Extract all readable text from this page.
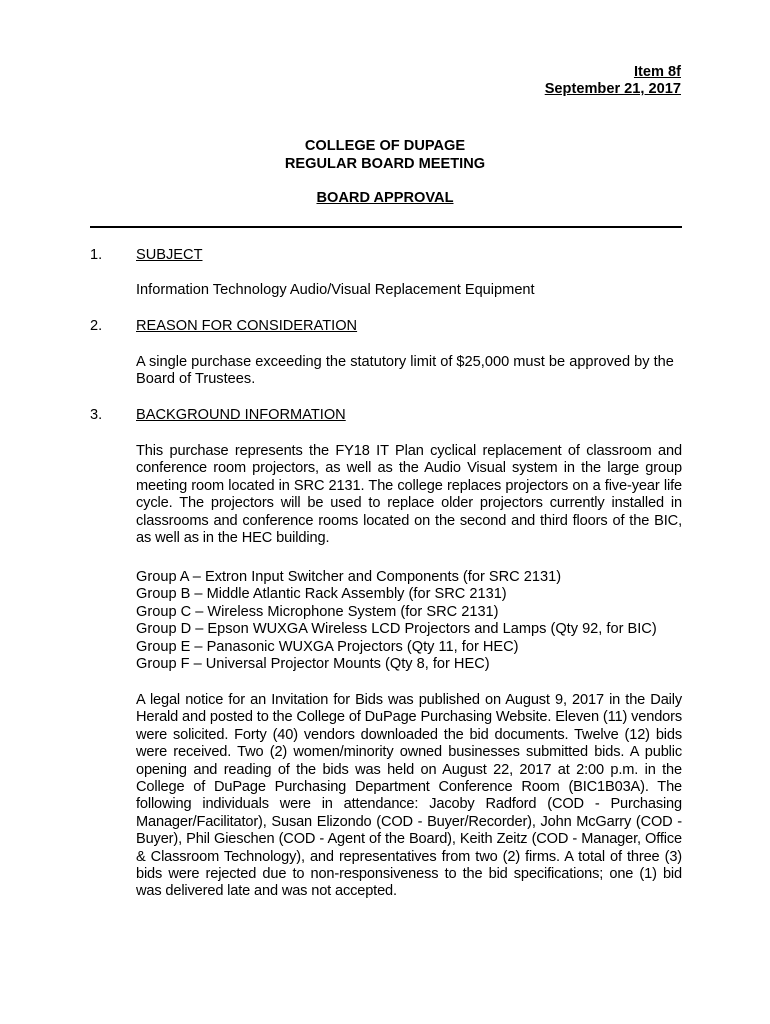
Item 8f
September 21, 2017
COLLEGE OF DUPAGE
REGULAR BOARD MEETING
BOARD APPROVAL
1. SUBJECT
Information Technology Audio/Visual Replacement Equipment
2. REASON FOR CONSIDERATION
A single purchase exceeding the statutory limit of $25,000 must be approved by the Board of Trustees.
3. BACKGROUND INFORMATION
This purchase represents the FY18 IT Plan cyclical replacement of classroom and conference room projectors, as well as the Audio Visual system in the large group meeting room located in SRC 2131. The college replaces projectors on a five-year life cycle. The projectors will be used to replace older projectors currently installed in classrooms and conference rooms located on the second and third floors of the BIC, as well as in the HEC building.
Group A – Extron Input Switcher and Components (for SRC 2131)
Group B – Middle Atlantic Rack Assembly (for SRC 2131)
Group C – Wireless Microphone System (for SRC 2131)
Group D – Epson WUXGA Wireless LCD Projectors and Lamps (Qty 92, for BIC)
Group E – Panasonic WUXGA Projectors (Qty 11, for HEC)
Group F – Universal Projector Mounts (Qty 8, for HEC)
A legal notice for an Invitation for Bids was published on August 9, 2017 in the Daily Herald and posted to the College of DuPage Purchasing Website. Eleven (11) vendors were solicited. Forty (40) vendors downloaded the bid documents. Twelve (12) bids were received. Two (2) women/minority owned businesses submitted bids. A public opening and reading of the bids was held on August 22, 2017 at 2:00 p.m. in the College of DuPage Purchasing Department Conference Room (BIC1B03A). The following individuals were in attendance: Jacoby Radford (COD - Purchasing Manager/Facilitator), Susan Elizondo (COD - Buyer/Recorder), John McGarry (COD - Buyer), Phil Gieschen (COD - Agent of the Board), Keith Zeitz (COD - Manager, Office & Classroom Technology), and representatives from two (2) firms. A total of three (3) bids were rejected due to non-responsiveness to the bid specifications; one (1) bid was delivered late and was not accepted.
